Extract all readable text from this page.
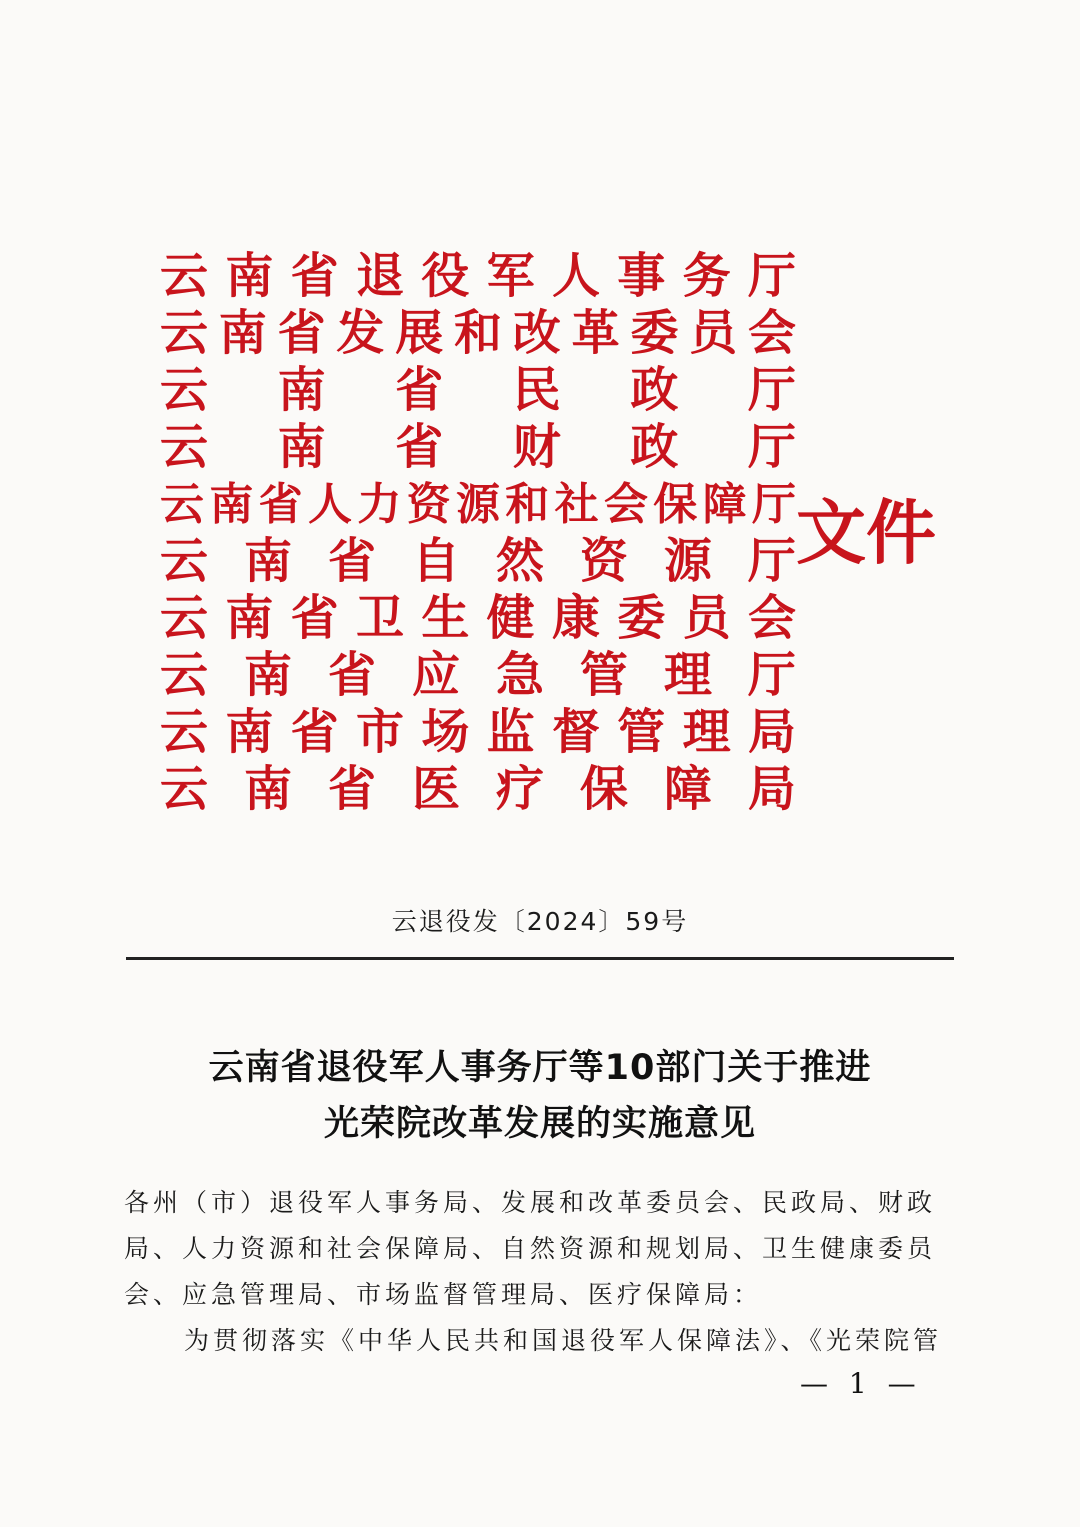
云 南 省 退 役 军 人 事 务 厅
云 南 省 发 展 和 改 革 委 员 会
云 南 省 民 政 厅
云 南 省 财 政 厅
云 南 省 人 力 资 源 和 社 会 保 障 厅
云 南 省 自 然 资 源 厅
云 南 省 卫 生 健 康 委 员 会
云 南 省 应 急 管 理 厅
云 南 省 市 场 监 督 管 理 局
云 南 省 医 疗 保 障 局
文件
云退役发〔2024〕59号
云南省退役军人事务厅等10部门关于推进
光荣院改革发展的实施意见

各州（市）退役军人事务局、发展和改革委员会、民政局、财政局、人力资源和社会保障局、自然资源和规划局、卫生健康委员会、应急管理局、市场监督管理局、医疗保障局：

为贯彻落实《中华人民共和国退役军人保障法》、《光荣院管

— 1 —
